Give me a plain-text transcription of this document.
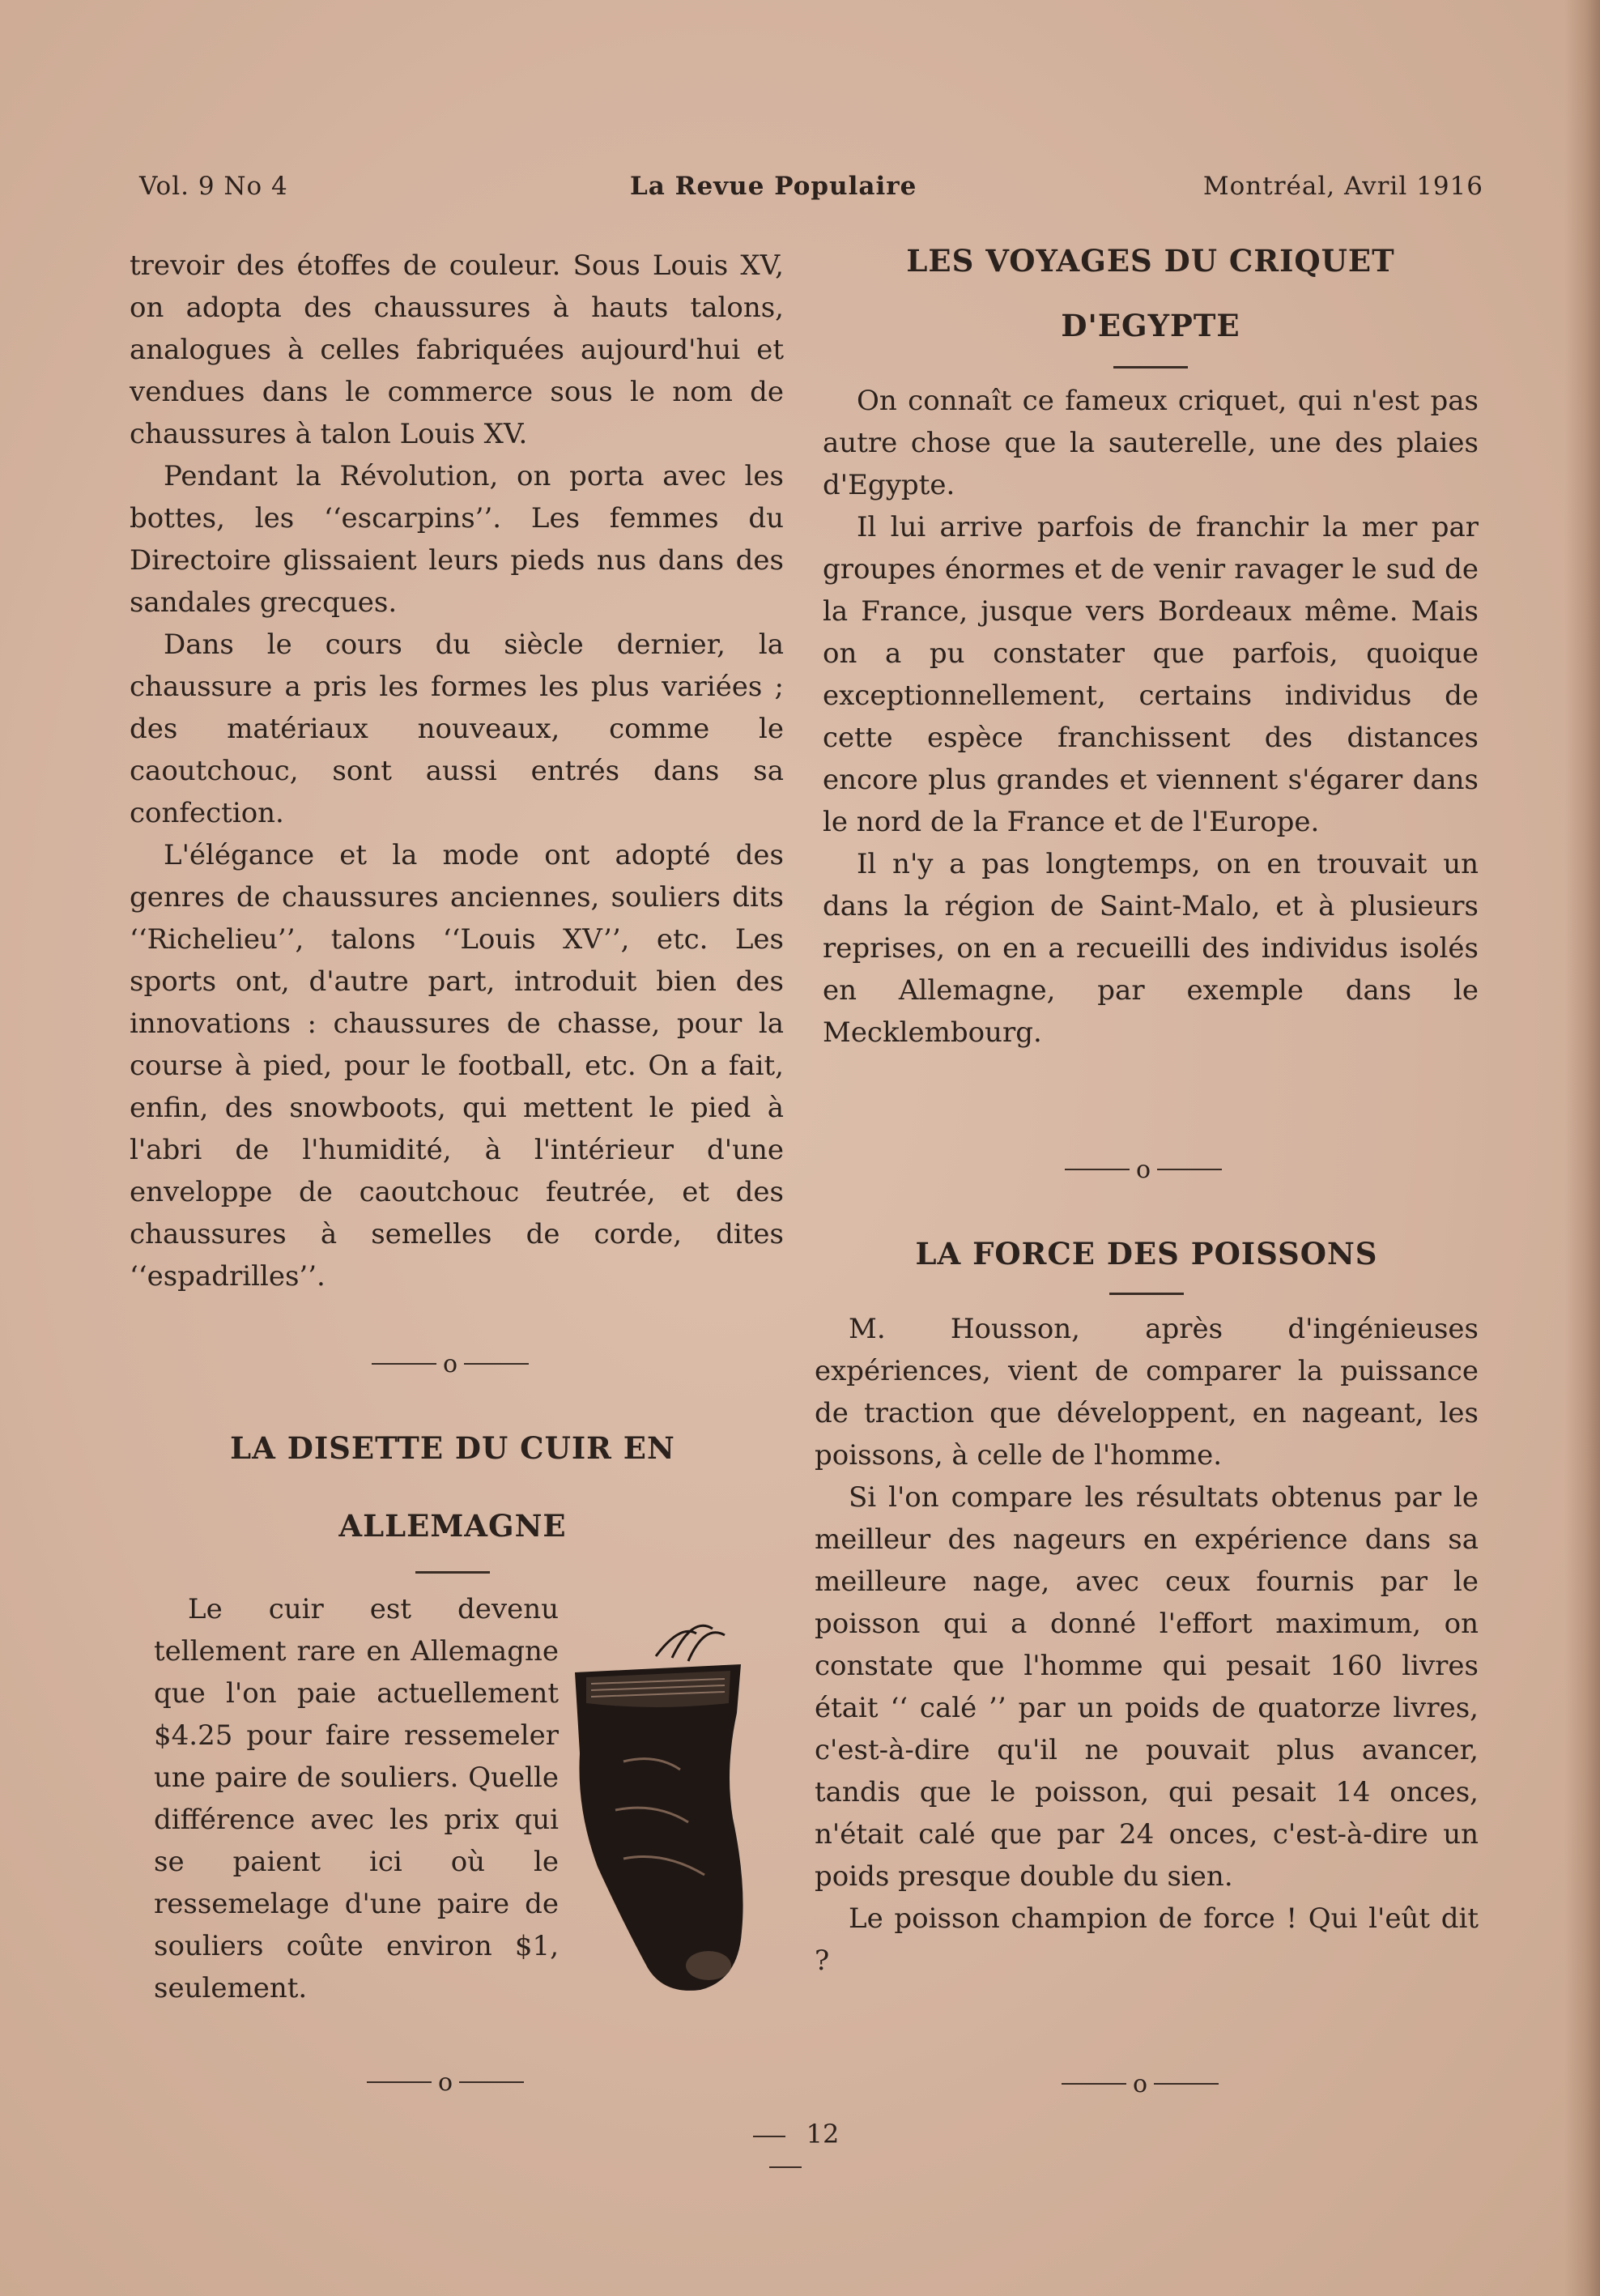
Vol. 9 No 4	La Revue Populaire	Montréal, Avril 1916

trevoir des étoffes de couleur. Sous Louis XV, on adopta des chaussures à hauts talons, analogues à celles fabriquées aujourd'hui et vendues dans le commerce sous le nom de chaussures à talon Louis XV.

Pendant la Révolution, on porta avec les bottes, les ‘‘escarpins’’. Les femmes du Directoire glissaient leurs pieds nus dans des sandales grecques.

Dans le cours du siècle dernier, la chaussure a pris les formes les plus variées ; des matériaux nouveaux, comme le caoutchouc, sont aussi entrés dans sa confection.

L'élégance et la mode ont adopté des genres de chaussures anciennes, souliers dits ‘‘Richelieu’’, talons ‘‘Louis XV’’, etc. Les sports ont, d'autre part, introduit bien des innovations : chaussures de chasse, pour la course à pied, pour le football, etc. On a fait, enfin, des snowboots, qui mettent le pied à l'abri de l'humidité, à l'intérieur d'une enveloppe de caoutchouc feutrée, et des chaussures à semelles de corde, dites ‘‘espadrilles’’.

o
LA DISETTE DU CUIR EN ALLEMAGNE

Le cuir est devenu tellement rare en Allemagne que l'on paie actuellement $4.25 pour faire ressemeler une paire de souliers. Quelle différence avec les prix qui se paient ici où le ressemelage d'une paire de souliers coûte environ $1, seulement.

o
LES VOYAGES DU CRIQUET D'EGYPTE

On connaît ce fameux criquet, qui n'est pas autre chose que la sauterelle, une des plaies d'Egypte.

Il lui arrive parfois de franchir la mer par groupes énormes et de venir ravager le sud de la France, jusque vers Bordeaux même. Mais on a pu constater que parfois, quoique exceptionnellement, certains individus de cette espèce franchissent des distances encore plus grandes et viennent s'égarer dans le nord de la France et de l'Europe.

Il n'y a pas longtemps, on en trouvait un dans la région de Saint-Malo, et à plusieurs reprises, on en a recueilli des individus isolés en Allemagne, par exemple dans le Mecklembourg.

o
LA FORCE DES POISSONS

M. Housson, après d'ingénieuses expériences, vient de comparer la puissance de traction que développent, en nageant, les poissons, à celle de l'homme.

Si l'on compare les résultats obtenus par le meilleur des nageurs en expérience dans sa meilleure nage, avec ceux fournis par le poisson qui a donné l'effort maximum, on constate que l'homme qui pesait 160 livres était ‘‘ calé ’’ par un poids de quatorze livres, c'est-à-dire qu'il ne pouvait plus avancer, tandis que le poisson, qui pesait 14 onces, n'était calé que par 24 onces, c'est-à-dire un poids presque double du sien.

Le poisson champion de force ! Qui l'eût dit ?

o
12
